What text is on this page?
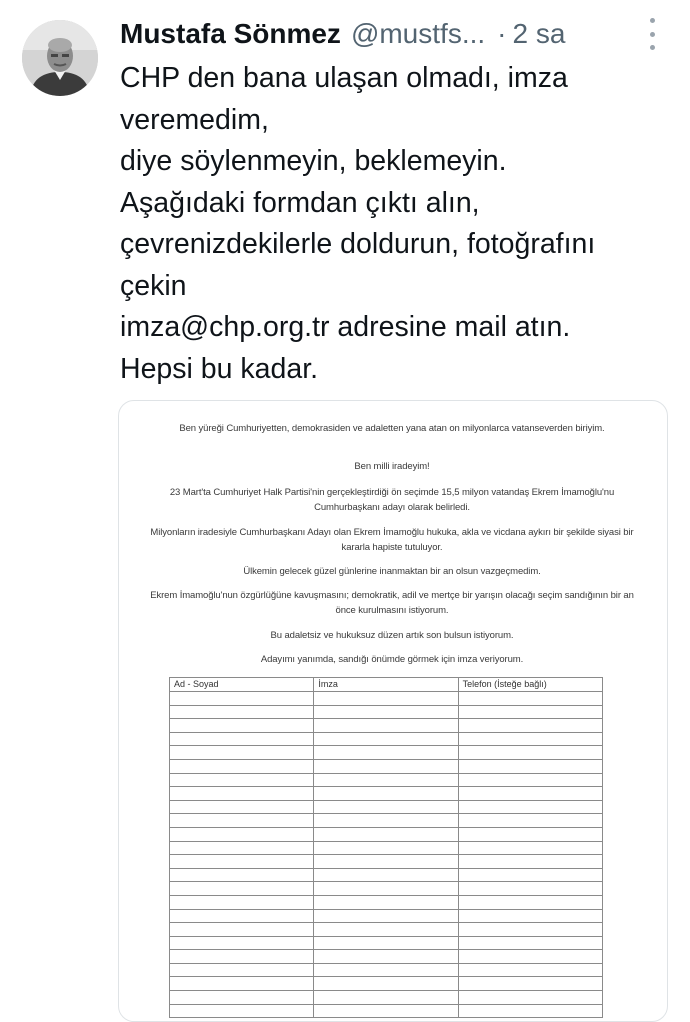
Mustafa Sönmez @mustfs... · 2 sa
CHP den bana ulaşan olmadı, imza
veremedim,
diye söylenmeyin, beklemeyin.
Aşağıdaki formdan çıktı alın,
çevrenizdekilerle doldurun, fotoğrafını
çekin
imza@chp.org.tr adresine mail atın.
Hepsi bu kadar.
Ben yüreği Cumhuriyetten, demokrasiden ve adaletten yana atan on milyonlarca vatanseverden biriyim.
Ben milli iradeyim!
23 Mart'ta Cumhuriyet Halk Partisi'nin gerçekleştirdiği ön seçimde 15,5 milyon vatandaş Ekrem İmamoğlu'nu Cumhurbaşkanı adayı olarak belirledi.
Milyonların iradesiyle Cumhurbaşkanı Adayı olan Ekrem İmamoğlu hukuka, akla ve vicdana aykırı bir şekilde siyasi bir kararla hapiste tutuluyor.
Ülkemin gelecek güzel günlerine inanmaktan bir an olsun vazgeçmedim.
Ekrem İmamoğlu'nun özgürlüğüne kavuşmasını; demokratik, adil ve mertçe bir yarışın olacağı seçim sandığının bir an önce kurulmasını istiyorum.
Bu adaletsiz ve hukuksuz düzen artık son bulsun istiyorum.
Adayımı yanımda, sandığı önümde görmek için imza veriyorum.
Ad - Soyad	İmza	Telefon (İsteğe bağlı)
